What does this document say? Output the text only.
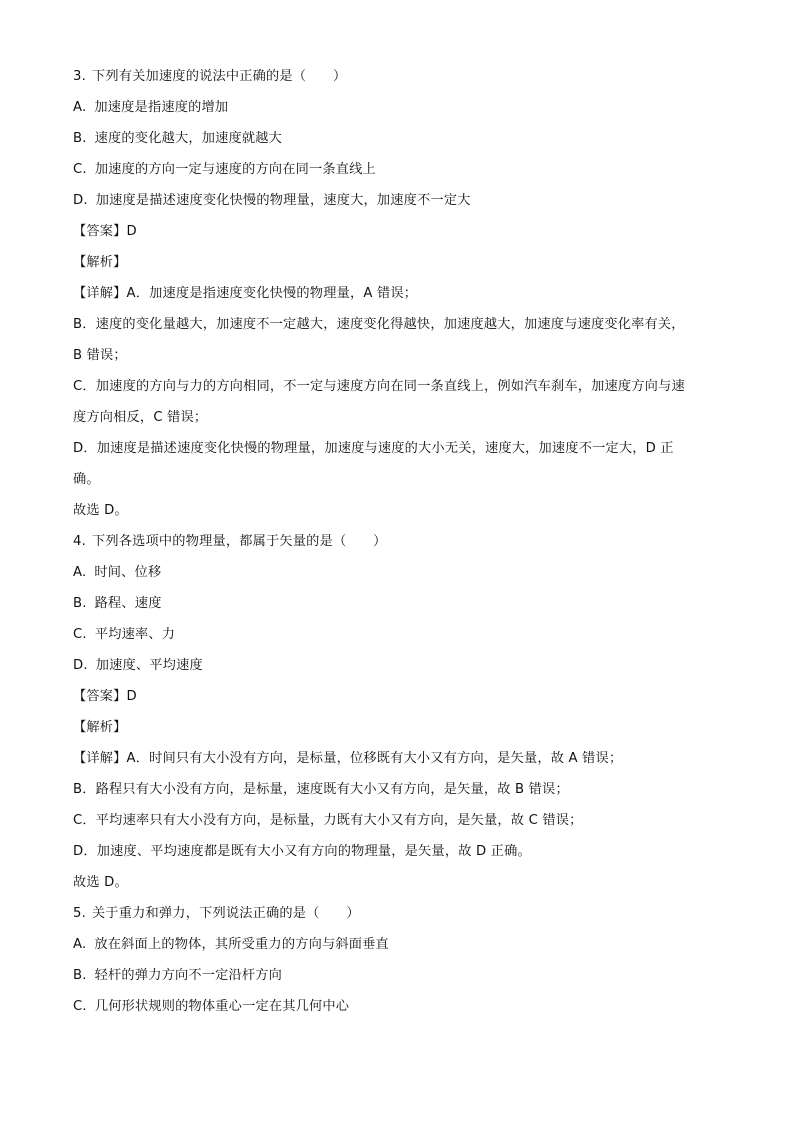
3. 下列有关加速度的说法中正确的是（　　）
A. 加速度是指速度的增加
B. 速度的变化越大，加速度就越大
C. 加速度的方向一定与速度的方向在同一条直线上
D. 加速度是描述速度变化快慢的物理量，速度大，加速度不一定大
【答案】D
【解析】
【详解】A．加速度是指速度变化快慢的物理量，A 错误；
B．速度的变化量越大，加速度不一定越大，速度变化得越快，加速度越大，加速度与速度变化率有关，
B 错误；
C．加速度的方向与力的方向相同，不一定与速度方向在同一条直线上，例如汽车刹车，加速度方向与速
度方向相反，C 错误；
D．加速度是描述速度变化快慢的物理量，加速度与速度的大小无关，速度大，加速度不一定大，D 正
确。
故选 D。
4. 下列各选项中的物理量，都属于矢量的是（　　）
A. 时间、位移
B. 路程、速度
C. 平均速率、力
D. 加速度、平均速度
【答案】D
【解析】
【详解】A．时间只有大小没有方向，是标量，位移既有大小又有方向，是矢量，故 A 错误；
B．路程只有大小没有方向，是标量，速度既有大小又有方向，是矢量，故 B 错误；
C．平均速率只有大小没有方向，是标量，力既有大小又有方向，是矢量，故 C 错误；
D．加速度、平均速度都是既有大小又有方向的物理量，是矢量，故 D 正确。
故选 D。
5. 关于重力和弹力，下列说法正确的是（　　）
A. 放在斜面上的物体，其所受重力的方向与斜面垂直
B. 轻杆的弹力方向不一定沿杆方向
C. 几何形状规则的物体重心一定在其几何中心
